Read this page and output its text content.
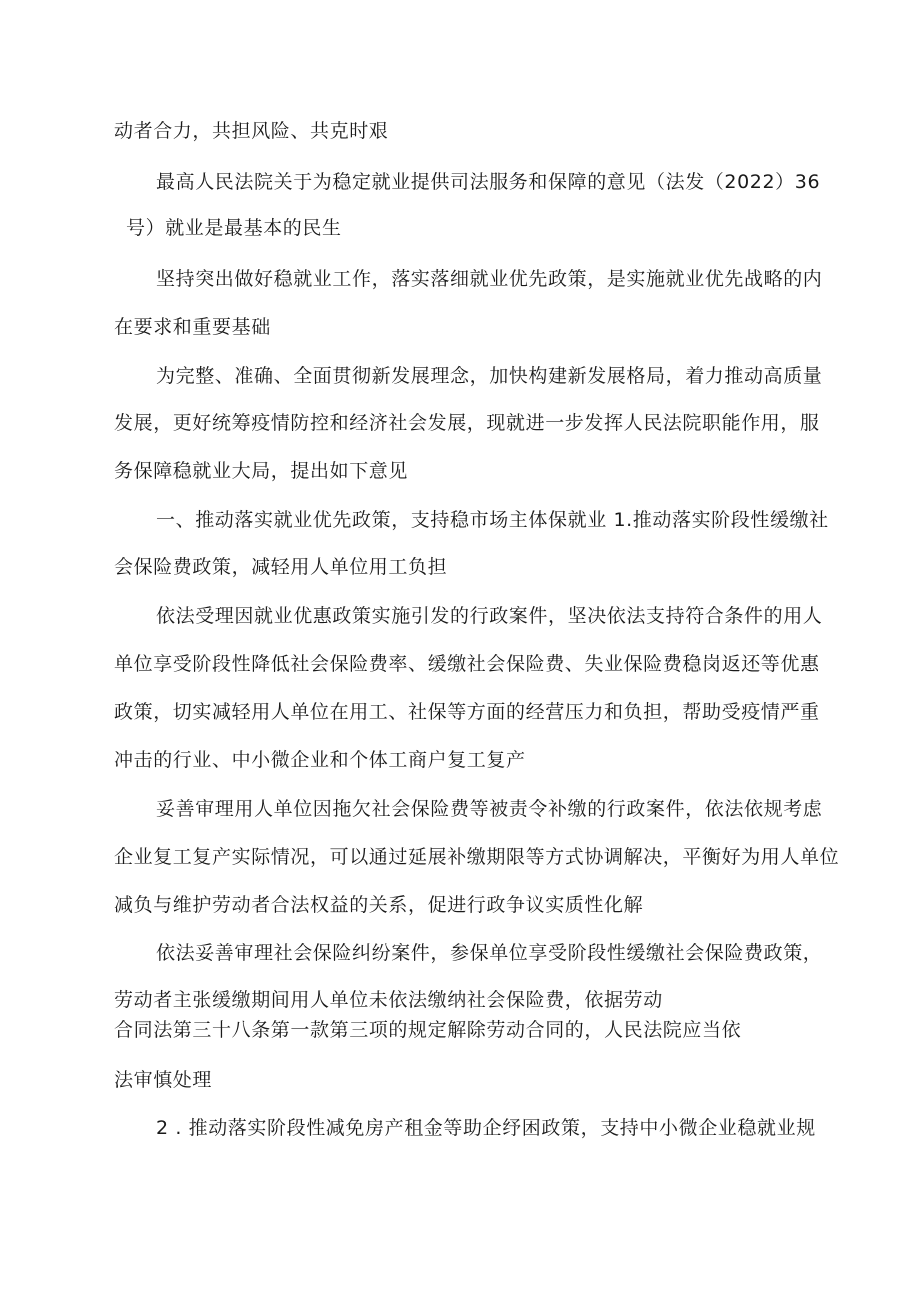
动者合力，共担风险、共克时艰
最高人民法院关于为稳定就业提供司法服务和保障的意见（法发（2022）36
号）就业是最基本的民生
坚持突出做好稳就业工作，落实落细就业优先政策，是实施就业优先战略的内
在要求和重要基础
为完整、准确、全面贯彻新发展理念，加快构建新发展格局，着力推动高质量
发展，更好统筹疫情防控和经济社会发展，现就进一步发挥人民法院职能作用，服
务保障稳就业大局，提出如下意见
一、推动落实就业优先政策，支持稳市场主体保就业 1.推动落实阶段性缓缴社
会保险费政策，减轻用人单位用工负担
依法受理因就业优惠政策实施引发的行政案件，坚决依法支持符合条件的用人
单位享受阶段性降低社会保险费率、缓缴社会保险费、失业保险费稳岗返还等优惠
政策，切实减轻用人单位在用工、社保等方面的经营压力和负担，帮助受疫情严重
冲击的行业、中小微企业和个体工商户复工复产
妥善审理用人单位因拖欠社会保险费等被责令补缴的行政案件，依法依规考虑
企业复工复产实际情况，可以通过延展补缴期限等方式协调解决，平衡好为用人单位
减负与维护劳动者合法权益的关系，促进行政争议实质性化解
依法妥善审理社会保险纠纷案件，参保单位享受阶段性缓缴社会保险费政策，
劳动者主张缓缴期间用人单位未依法缴纳社会保险费，依据劳动
合同法第三十八条第一款第三项的规定解除劳动合同的，人民法院应当依
法审慎处理
2 . 推动落实阶段性减免房产租金等助企纾困政策，支持中小微企业稳就业规
